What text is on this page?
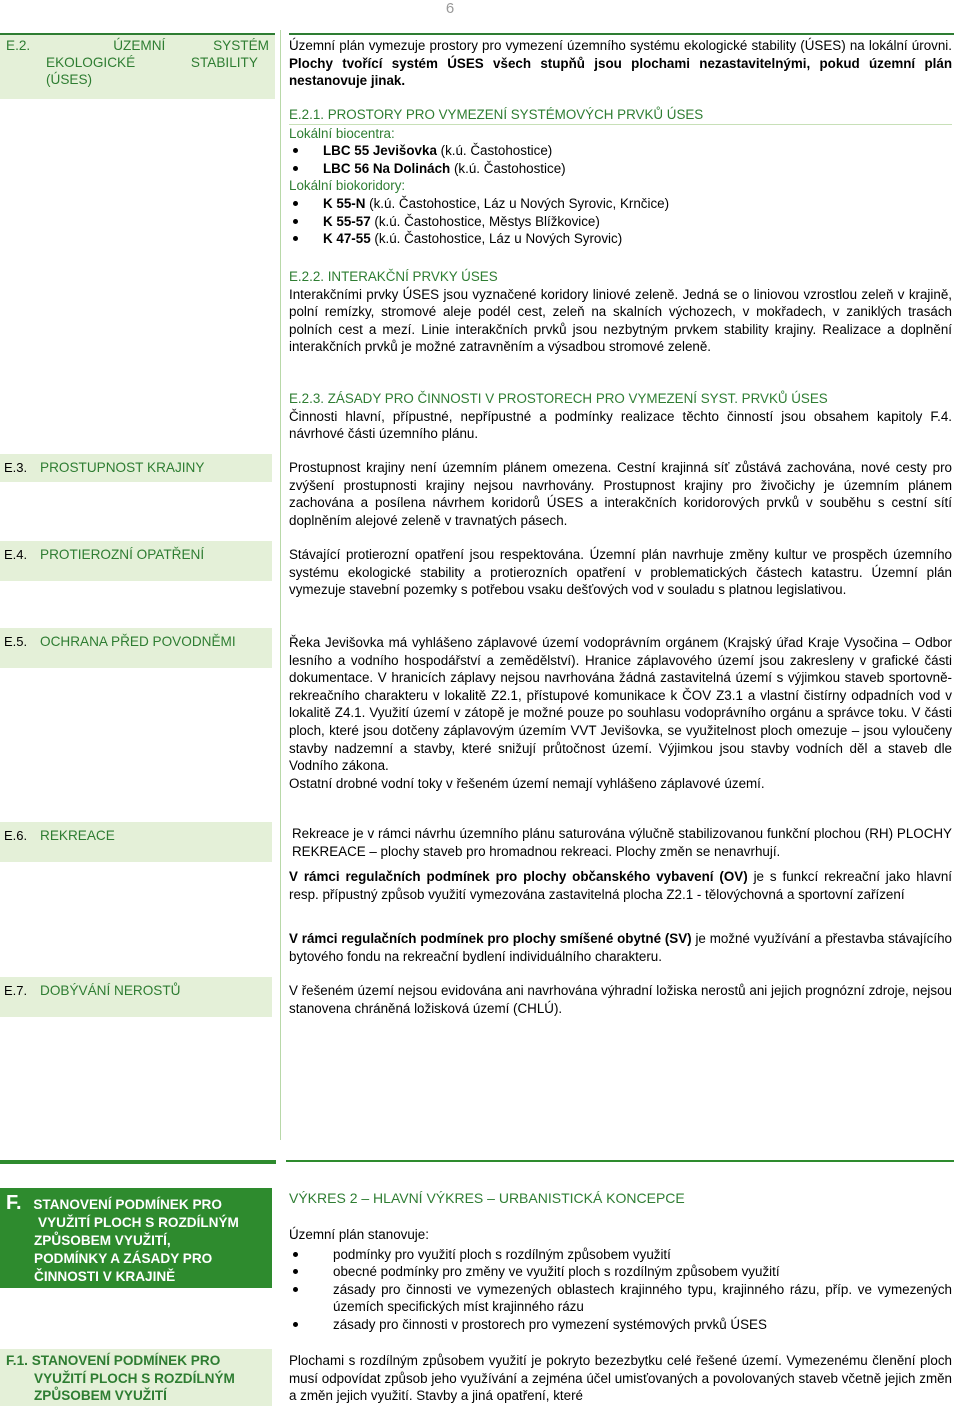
6
E.2.	ÚZEMNÍ SYSTÉM
EKOLOGICKÉ STABILITY
(ÚSES)

Územní plán vymezuje prostory pro vymezení územního systému ekologické stability (ÚSES) na lokální úrovni. Plochy tvořící systém ÚSES všech stupňů jsou plochami nezastavitelnými, pokud územní plán nestanovuje jinak.

E.2.1. PROSTORY PRO VYMEZENÍ SYSTÉMOVÝCH PRVKŮ ÚSES
Lokální biocentra:
LBC 55 Jevišovka (k.ú. Častohostice)
LBC 56 Na Dolinách (k.ú. Častohostice)
Lokální biokoridory:
K 55-N (k.ú. Častohostice, Láz u Nových Syrovic, Krnčice)
K 55-57 (k.ú. Častohostice, Městys Blížkovice)
K 47-55 (k.ú. Častohostice, Láz u Nových Syrovic)
E.2.2. INTERAKČNÍ PRVKY ÚSES

Interakčními prvky ÚSES jsou vyznačené koridory liniové zeleně. Jedná se o liniovou vzrostlou zeleň v krajině, polní remízky, stromové aleje podél cest, zeleň na skalních výchozech, v mokřadech, v zaniklých trasách polních cest a mezí. Linie interakčních prvků jsou nezbytným prvkem stability krajiny. Realizace a doplnění interakčních prvků je možné zatravněním a výsadbou stromové zeleně.

E.2.3. ZÁSADY PRO ČINNOSTI V PROSTORECH PRO VYMEZENÍ SYST. PRVKŮ ÚSES

Činnosti hlavní, přípustné, nepřípustné a podmínky realizace těchto činností jsou obsahem kapitoly F.4. návrhové části územního plánu.

E.3. PROSTUPNOST KRAJINY	Prostupnost krajiny není územním plánem omezena. Cestní krajinná síť zůstává zachována, nové cesty pro zvýšení prostupnosti krajiny nejsou navrhovány. Prostupnost krajiny pro živočichy je územním plánem zachována a posílena návrhem koridorů ÚSES a interakčních koridorových prvků v souběhu s cestní sítí doplněním alejové zeleně v travnatých pásech.
E.4. PROTIEROZNÍ OPATŘENÍ	Stávající protierozní opatření jsou respektována. Územní plán navrhuje změny kultur ve prospěch územního systému ekologické stability a protierozních opatření v problematických částech katastru. Územní plán vymezuje stavební pozemky s potřebou vsaku dešťových vod v souladu s platnou legislativou.
E.5. OCHRANA PŘED POVODNĚMI	Řeka Jevišovka má vyhlášeno záplavové území vodoprávním orgánem (Krajský úřad Kraje Vysočina – Odbor lesního a vodního hospodářství a zemědělství). Hranice záplavového území jsou zakresleny v grafické části dokumentace. V hranicích záplavy nejsou navrhována žádná zastavitelná území s výjimkou staveb sportovně-rekreačního charakteru v lokalitě Z2.1, přístupové komunikace k ČOV Z3.1 a vlastní čistírny odpadních vod v lokalitě Z4.1. Využití území v zátopě je možné pouze po souhlasu vodoprávního orgánu a správce toku. V části ploch, které jsou dotčeny záplavovým územím VVT Jevišovka, se využitelnost ploch omezuje – jsou vyloučeny stavby nadzemní a stavby, které snižují průtočnost území. Výjimkou jsou stavby vodních děl a staveb dle Vodního zákona.

Ostatní drobné vodní toky v řešeném území nemají vyhlášeno záplavové území.

E.6. REKREACE	Rekreace je v rámci návrhu územního plánu saturována výlučně stabilizovanou funkční plochou (RH) PLOCHY REKREACE – plochy staveb pro hromadnou rekreaci. Plochy změn se nenavrhují.

V rámci regulačních podmínek pro plochy občanského vybavení (OV) je s funkcí rekreační jako hlavní resp. přípustný způsob využití vymezována zastavitelná plocha Z2.1 - tělovýchovná a sportovní zařízení

V rámci regulačních podmínek pro plochy smíšené obytné (SV) je možné využívání a přestavba stávajícího bytového fondu na rekreační bydlení individuálního charakteru.

E.7. DOBÝVÁNÍ NEROSTŮ	V řešeném území nejsou evidována ani navrhována výhradní ložiska nerostů ani jejich prognózní zdroje, nejsou stanovena chráněná ložisková území (CHLÚ).
F. STANOVENÍ PODMÍNEK PRO
VYUŽITÍ PLOCH S ROZDÍLNÝM
ZPŮSOBEM VYUŽITÍ,
PODMÍNKY A ZÁSADY PRO
ČINNOSTI V KRAJINĚ
VÝKRES 2 – HLAVNÍ VÝKRES – URBANISTICKÁ KONCEPCE
Územní plán stanovuje:
podmínky pro využití ploch s rozdílným způsobem využití
obecné podmínky pro změny ve využití ploch s rozdílným způsobem využití
zásady pro činnosti ve vymezených oblastech krajinného typu, krajinného rázu, příp. ve vymezených územích specifických míst krajinného rázu
zásady pro činnosti v prostorech pro vymezení systémových prvků ÚSES
F.1. STANOVENÍ PODMÍNEK PRO
VYUŽITÍ PLOCH S ROZDÍLNÝM
ZPŮSOBEM VYUŽITÍ
Plochami s rozdílným způsobem využití je pokryto bezezbytku celé řešené území. Vymezenému členění ploch musí odpovídat způsob jeho využívání a zejména účel umisťovaných a povolovaných staveb včetně jejich změn a změn jejich využití. Stavby a jiná opatření, které
